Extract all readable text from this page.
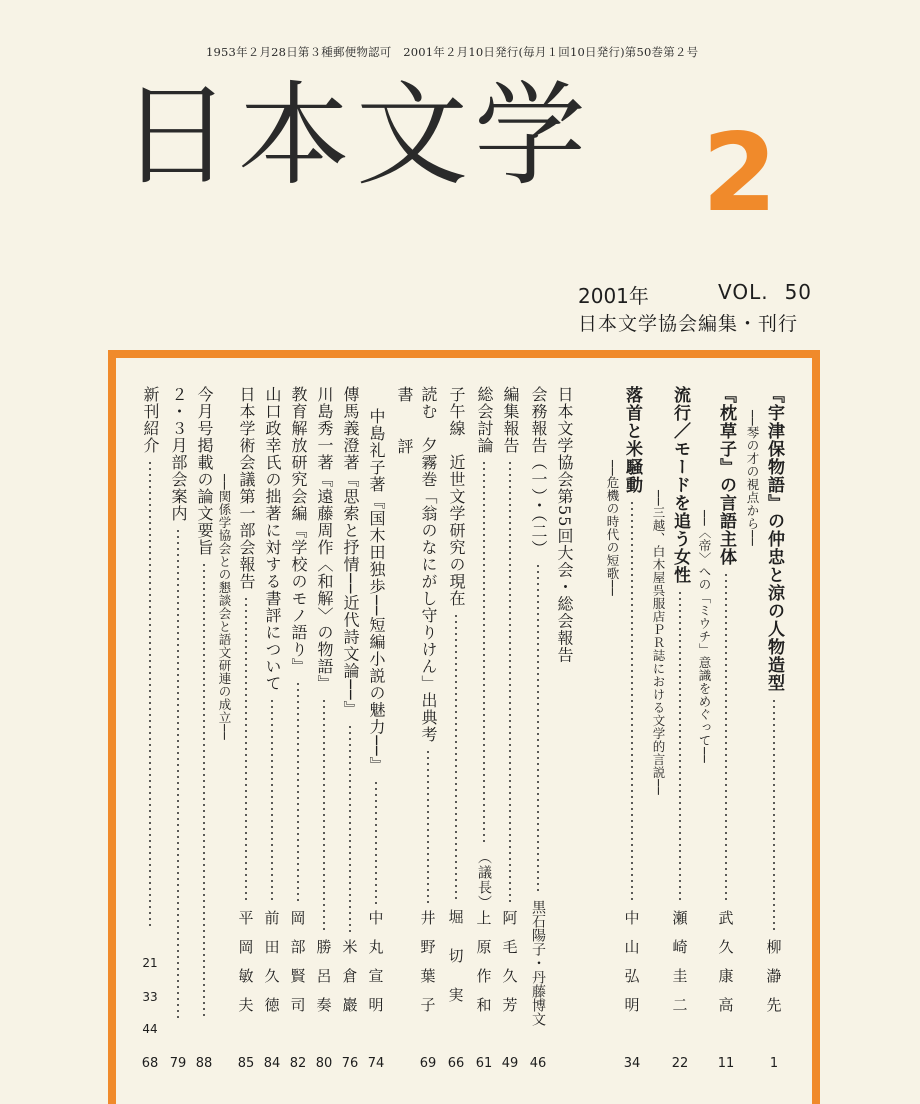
1953年２月28日第３種郵便物認可　2001年２月10日発行(毎月１回10日発行)第50巻第２号
日本文学 2
2001年	VOL. 50
日本文学協会編集・刊行
『宇津保物語』の仲忠と涼の人物造型
柳瀞先
──琴の才の視点から──
1
『枕草子』の言語主体
武久康高
──〈帝〉への「ミウチ」意識をめぐって──
11
流行／モードを追う女性
瀬崎圭二
──三越、白木屋呉服店ＰＲ誌における文学的言説──
22
落首と米騒動
中山弘明
──危機の時代の短歌──
34
日本文学協会第55回大会・総会報告
会務報告（一）・（二）
黒石陽子・丹藤博文
46
編集報告
阿毛久芳
49
総会討論
（議長）
上原作和
61
子午線　近世文学研究の現在
堀切実
66
読む　夕霧巻「翁のなにがし守りけん」出典考
井野葉子
69
書　評
中島礼子著『国木田独歩──短編小説の魅力──』
中丸宣明
74
傳馬義澄著『思索と抒情──近代詩文論──』
米倉巖
76
川島秀一著『遠藤周作〈和解〉の物語』
勝呂奏
80
教育解放研究会編『学校のモノ語り』
岡部賢司
82
山口政幸氏の拙著に対する書評について
前田久徳
84
日本学術会議第一部会報告
平岡敏夫
──関係学協会との懇談会と語文研連の成立──
85
今月号掲載の論文要旨
88
２・３月部会案内
79
新刊紹介
21
33
44
68
